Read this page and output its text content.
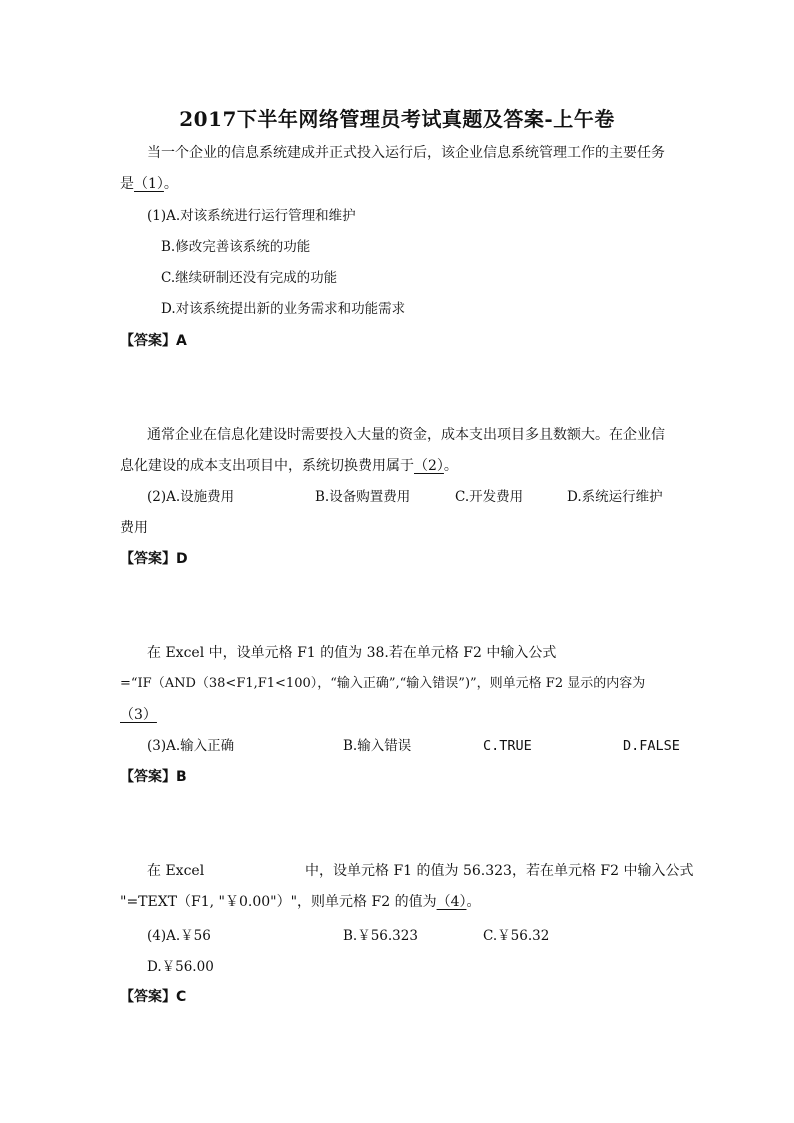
2017下半年网络管理员考试真题及答案-上午卷
当一个企业的信息系统建成并正式投入运行后，该企业信息系统管理工作的主要任务
是（1）。
(1)A.对该系统进行运行管理和维护
B.修改完善该系统的功能
C.继续研制还没有完成的功能
D.对该系统提出新的业务需求和功能需求
【答案】A
通常企业在信息化建设时需要投入大量的资金，成本支出项目多且数额大。在企业信
息化建设的成本支出项目中，系统切换费用属于（2）。
(2)A.设施费用	B.设备购置费用	C.开发费用	D.系统运行维护
费用
【答案】D
在 Excel 中，设单元格 F1 的值为 38.若在单元格 F2 中输入公式
=“IF（AND（38<F1,F1<100），“输入正确”,“输入错误”)”，则单元格 F2 显示的内容为
（3）
(3)A.输入正确	B.输入错误	C.TRUE	D.FALSE
【答案】B
在 Excel	中，设单元格 F1 的值为 56.323，若在单元格 F2 中输入公式
"=TEXT（F1, "￥0.00"）"，则单元格 F2 的值为（4）。
(4)A.￥56	B.￥56.323	C.￥56.32
D.￥56.00
【答案】C
